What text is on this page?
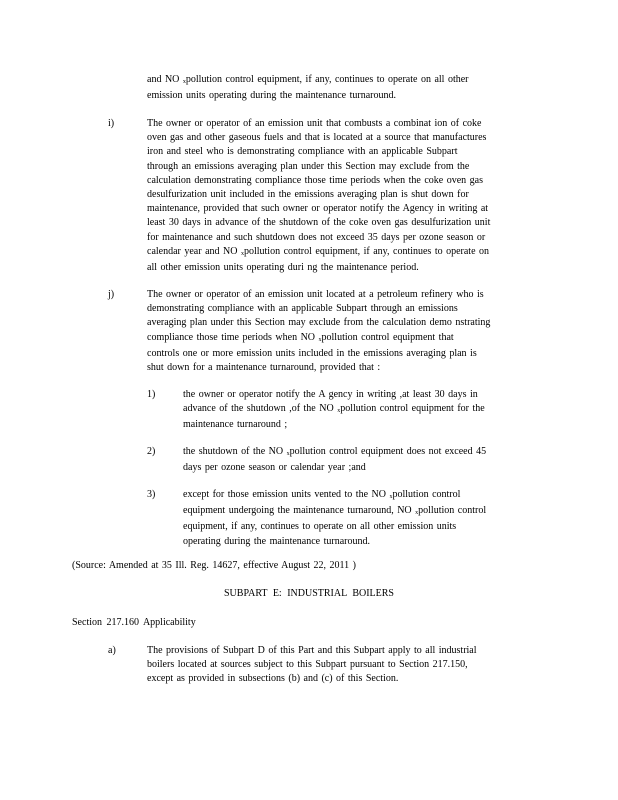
and NO xpollution control equipment, if any, continues to operate on all other
emission units operating during the maintenance turnaround.
i)	The owner or operator of an emission unit that combusts a combinat ion of coke
oven gas and other gaseous fuels and that is located at a source that manufactures
iron and steel who is demonstrating compliance with an applicable Subpart
through an emissions averaging plan under this Section may exclude from the
calculation demonstrating compliance those time periods when the coke oven gas
desulfurization unit included in the emissions averaging plan is shut down for
maintenance, provided that such owner or operator notify the Agency in writing at
least 30 days in advance of the shutdown of the coke oven gas desulfurization unit
for maintenance and such shutdown does not exceed 35 days per ozone season or
calendar year and NO xpollution control equipment, if any, continues to operate on
all other emission units operating duri ng the maintenance period.
j)	The owner or operator of an emission unit located at a petroleum refinery who is
demonstrating compliance with an applicable Subpart through an emissions
averaging plan under this Section may exclude from the calculation demo nstrating
compliance those time periods when NO xpollution control equipment that
controls one or more emission units included in the emissions averaging plan is
shut down for a maintenance turnaround, provided that :
1)	the owner or operator notify the A gency in writing ,at least 30 days in
advance of the shutdown ,of the NO xpollution control equipment for the
maintenance turnaround ;
2)	the shutdown of the NO xpollution control equipment does not exceed 45
days per ozone season or calendar year ;and
3)	except for those emission units vented to the NO xpollution control
equipment undergoing the maintenance turnaround, NO xpollution control
equipment, if any, continues to operate on all other emission units
operating during the maintenance turnaround.
(Source: Amended at 35 Ill. Reg. 14627, effective August 22, 2011 )
SUBPART E: INDUSTRIAL BOILERS
Section 217.160 Applicability
a)	The provisions of Subpart D of this Part and this Subpart apply to all industrial
boilers located at sources subject to this Subpart pursuant to Section 217.150,
except as provided in subsections (b) and (c) of this Section.
